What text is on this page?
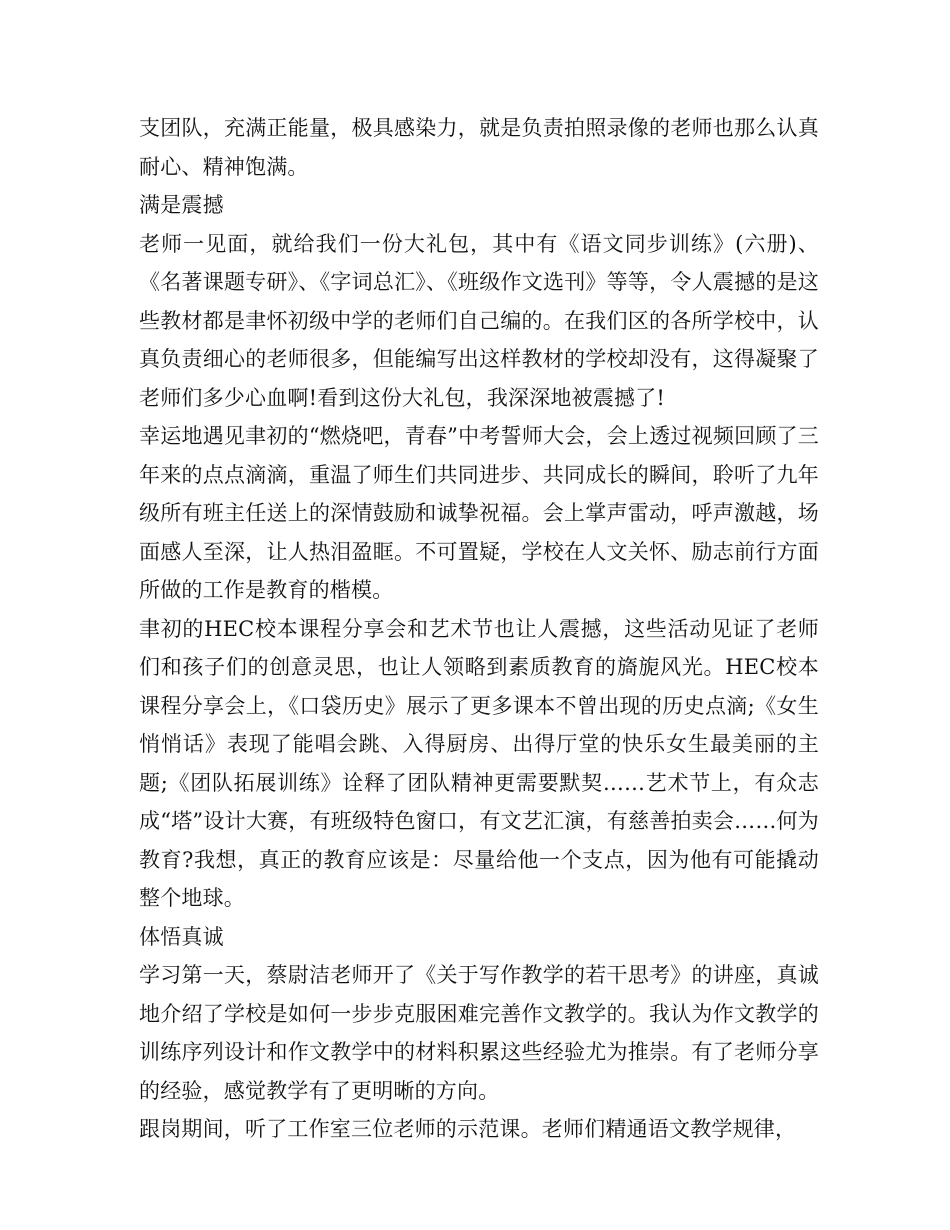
支团队，充满正能量，极具感染力，就是负责拍照录像的老师也那么认真耐心、精神饱满。

满是震撼

老师一见面，就给我们一份大礼包，其中有《语文同步训练》(六册)、《名著课题专研》、《字词总汇》、《班级作文选刊》等等，令人震撼的是这些教材都是聿怀初级中学的老师们自己编的。在我们区的各所学校中，认真负责细心的老师很多，但能编写出这样教材的学校却没有，这得凝聚了老师们多少心血啊!看到这份大礼包，我深深地被震撼了!

幸运地遇见聿初的“燃烧吧，青春”中考誓师大会，会上透过视频回顾了三年来的点点滴滴，重温了师生们共同进步、共同成长的瞬间，聆听了九年级所有班主任送上的深情鼓励和诚挚祝福。会上掌声雷动，呼声激越，场面感人至深，让人热泪盈眶。不可置疑，学校在人文关怀、励志前行方面所做的工作是教育的楷模。

聿初的HEC校本课程分享会和艺术节也让人震撼，这些活动见证了老师们和孩子们的创意灵思，也让人领略到素质教育的旖旎风光。HEC校本课程分享会上，《口袋历史》展示了更多课本不曾出现的历史点滴;《女生悄悄话》表现了能唱会跳、入得厨房、出得厅堂的快乐女生最美丽的主题;《团队拓展训练》诠释了团队精神更需要默契……艺术节上，有众志成“塔”设计大赛，有班级特色窗口，有文艺汇演，有慈善拍卖会……何为教育?我想，真正的教育应该是：尽量给他一个支点，因为他有可能撬动整个地球。

体悟真诚

学习第一天，蔡尉洁老师开了《关于写作教学的若干思考》的讲座，真诚地介绍了学校是如何一步步克服困难完善作文教学的。我认为作文教学的训练序列设计和作文教学中的材料积累这些经验尤为推崇。有了老师分享的经验，感觉教学有了更明晰的方向。

跟岗期间，听了工作室三位老师的示范课。老师们精通语文教学规律，
